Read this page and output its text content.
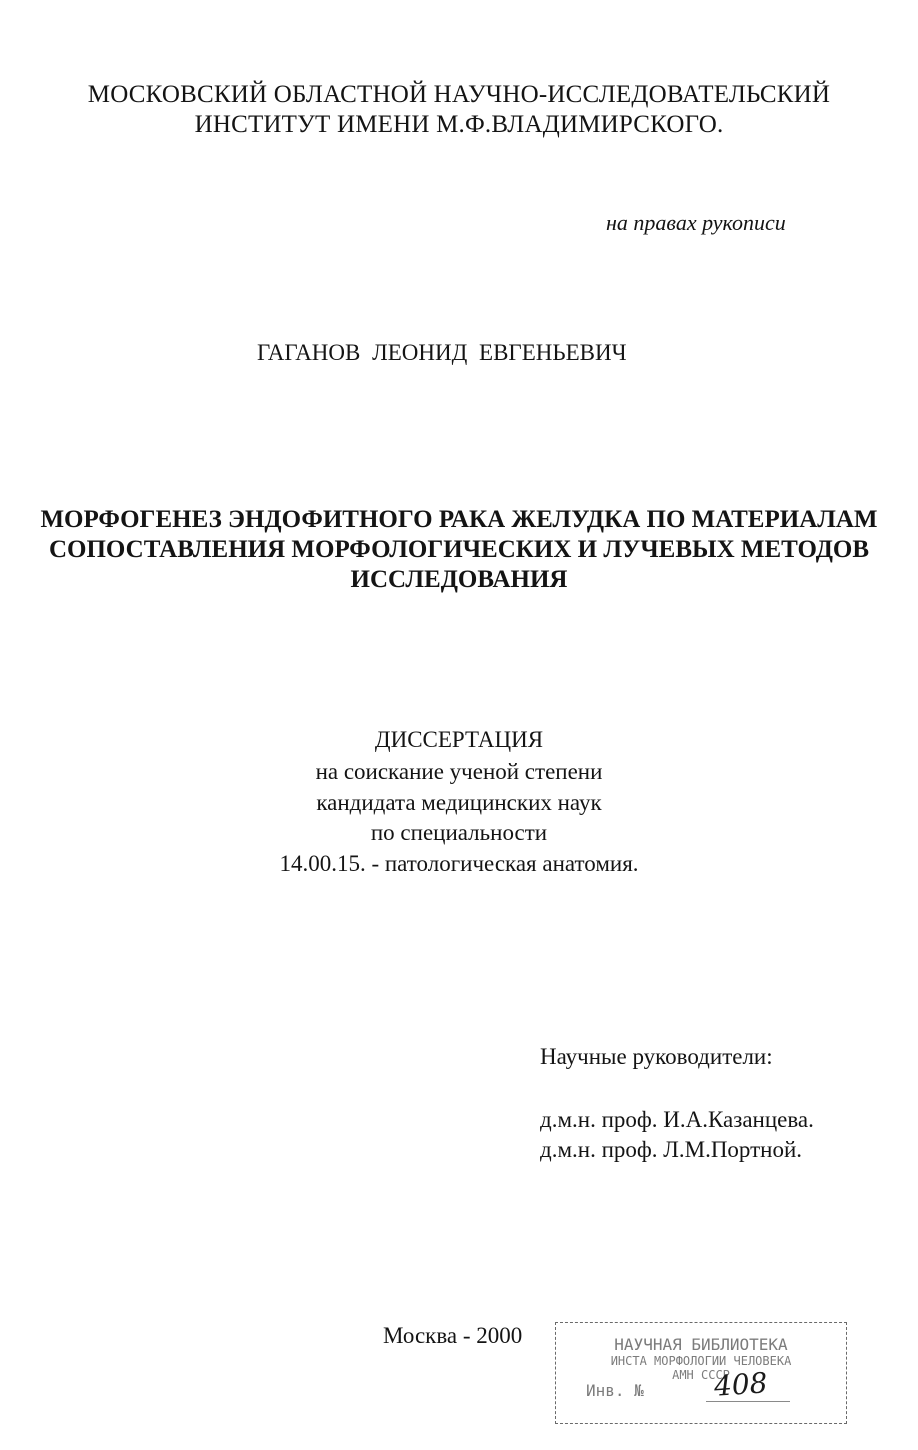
МОСКОВСКИЙ ОБЛАСТНОЙ НАУЧНО-ИССЛЕДОВАТЕЛЬСКИЙ
ИНСТИТУТ ИМЕНИ М.Ф.ВЛАДИМИРСКОГО.
на правах рукописи
ГАГАНОВ ЛЕОНИД ЕВГЕНЬЕВИЧ
МОРФОГЕНЕЗ ЭНДОФИТНОГО РАКА ЖЕЛУДКА ПО МАТЕРИАЛАМ
СОПОСТАВЛЕНИЯ МОРФОЛОГИЧЕСКИХ И ЛУЧЕВЫХ МЕТОДОВ
ИССЛЕДОВАНИЯ
ДИССЕРТАЦИЯ
на соискание ученой степени
кандидата медицинских наук
по специальности
14.00.15. - патологическая анатомия.
Научные руководители:
д.м.н. проф. И.А.Казанцева.
д.м.н. проф. Л.М.Портной.
Москва - 2000	НАУЧНАЯ БИБЛИОТЕКА
ИНСТА МОРФОЛОГИИ ЧЕЛОВЕКА
АМН СССР
Инв. № 408
